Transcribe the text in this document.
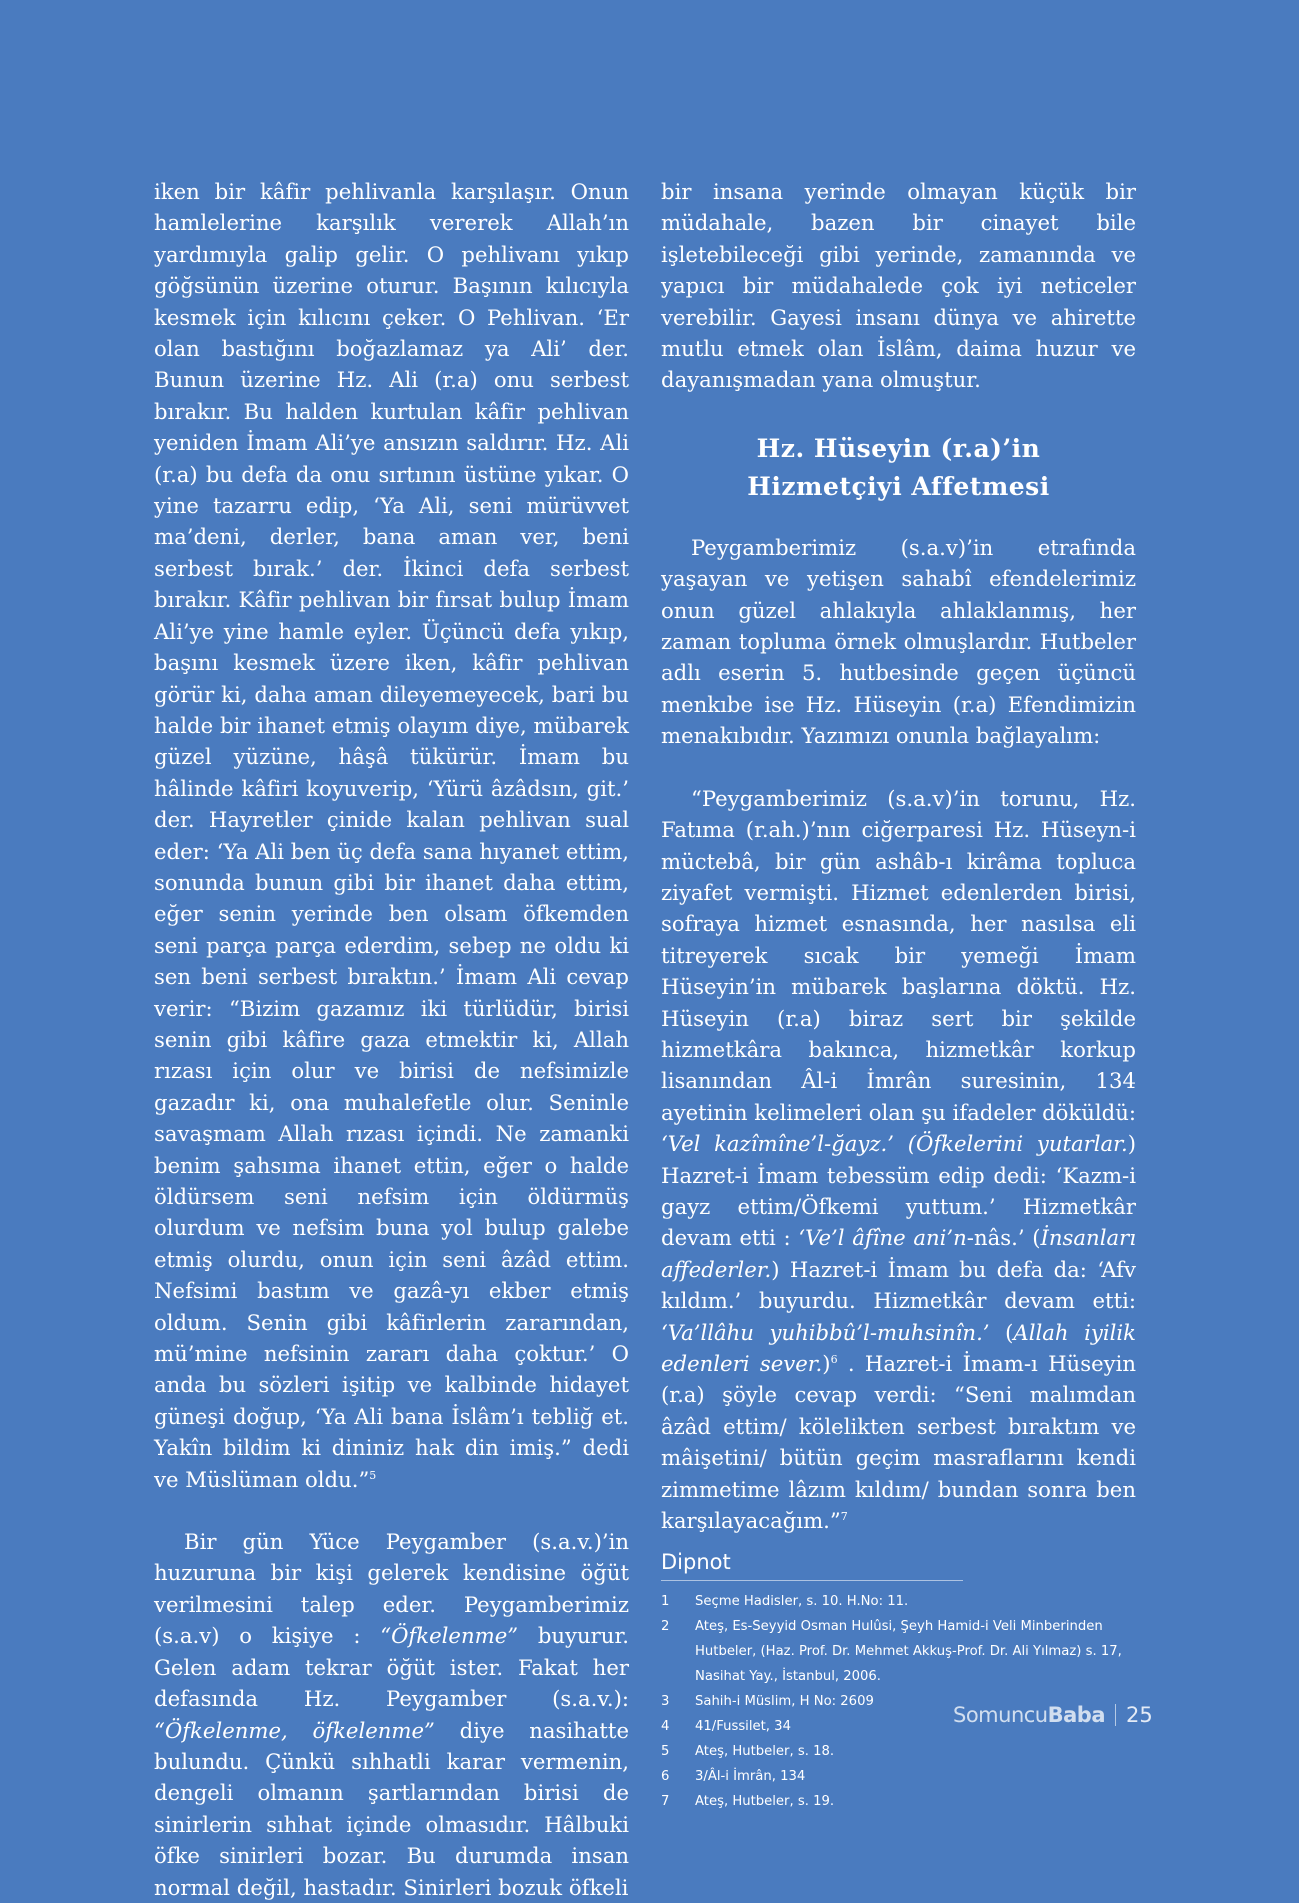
iken bir kâfir pehlivanla karşılaşır. Onun hamlelerine karşılık vererek Allah’ın yardımıyla galip gelir. O pehlivanı yıkıp göğsünün üzerine oturur. Başının kılıcıyla kesmek için kılıcını çeker. O Pehlivan. ‘Er olan bastığını boğazlamaz ya Ali’ der. Bunun üzerine Hz. Ali (r.a) onu serbest bırakır. Bu halden kurtulan kâfir pehlivan yeniden İmam Ali’ye ansızın saldırır. Hz. Ali (r.a) bu defa da onu sırtının üstüne yıkar. O yine tazarru edip, ‘Ya Ali, seni mürüvvet ma’deni, derler, bana aman ver, beni serbest bırak.’ der. İkinci defa serbest bırakır. Kâfir pehlivan bir fırsat bulup İmam Ali’ye yine hamle eyler. Üçüncü defa yıkıp, başını kesmek üzere iken, kâfir pehlivan görür ki, daha aman dileyemeyecek, bari bu halde bir ihanet etmiş olayım diye, mübarek güzel yüzüne, hâşâ tükürür. İmam bu hâlinde kâfiri koyuverip, ‘Yürü âzâdsın, git.’ der. Hayretler çinide kalan pehlivan sual eder: ‘Ya Ali ben üç defa sana hıyanet ettim, sonunda bunun gibi bir ihanet daha ettim, eğer senin yerinde ben olsam öfkemden seni parça parça ederdim, sebep ne oldu ki sen beni serbest bıraktın.’ İmam Ali cevap verir: “Bizim gazamız iki türlüdür, birisi senin gibi kâfire gaza etmektir ki, Allah rızası için olur ve birisi de nefsimizle gazadır ki, ona muhalefetle olur. Seninle savaşmam Allah rızası içindi. Ne zamanki benim şahsıma ihanet ettin, eğer o halde öldürsem seni nefsim için öldürmüş olurdum ve nefsim buna yol bulup galebe etmiş olurdu, onun için seni âzâd ettim. Nefsimi bastım ve gazâ-yı ekber etmiş oldum. Senin gibi kâfirlerin zararından, mü’mine nefsinin zararı daha çoktur.’ O anda bu sözleri işitip ve kalbinde hidayet güneşi doğup, ‘Ya Ali bana İslâm’ı tebliğ et. Yakîn bildim ki dininiz hak din imiş.” dedi ve Müslüman oldu.”$^5$

Bir gün Yüce Peygamber (s.a.v.)’in huzuruna bir kişi gelerek kendisine öğüt verilmesini talep eder. Peygamberimiz (s.a.v) o kişiye : “Öfkelenme” buyurur. Gelen adam tekrar öğüt ister. Fakat her defasında Hz. Peygamber (s.a.v.): “Öfkelenme, öfkelenme” diye nasihatte bulundu. Çünkü sıhhatli karar vermenin, dengeli olmanın şartlarından birisi de sinirlerin sıhhat içinde olmasıdır. Hâlbuki öfke sinirleri bozar. Bu durumda insan normal değil, hastadır. Sinirleri bozuk öfkeli

bir insana yerinde olmayan küçük bir müdahale, bazen bir cinayet bile işletebileceği gibi yerinde, zamanında ve yapıcı bir müdahalede çok iyi neticeler verebilir. Gayesi insanı dünya ve ahirette mutlu etmek olan İslâm, daima huzur ve dayanışmadan yana olmuştur.

Hz. Hüseyin (r.a)’in
Hizmetçiyi Affetmesi

Peygamberimiz (s.a.v)’in etrafında yaşayan ve yetişen sahabî efendelerimiz onun güzel ahlakıyla ahlaklanmış, her zaman topluma örnek olmuşlardır. Hutbeler adlı eserin 5. hutbesinde geçen üçüncü menkıbe ise Hz. Hüseyin (r.a) Efendimizin menakıbıdır. Yazımızı onunla bağlayalım:

“Peygamberimiz (s.a.v)’in torunu, Hz. Fatıma (r.ah.)’nın ciğerparesi Hz. Hüseyn-i müctebâ, bir gün ashâb-ı kirâma topluca ziyafet vermişti. Hizmet edenlerden birisi, sofraya hizmet esnasında, her nasılsa eli titreyerek sıcak bir yemeği İmam Hüseyin’in mübarek başlarına döktü. Hz. Hüseyin (r.a) biraz sert bir şekilde hizmetkâra bakınca, hizmetkâr korkup lisanından Âl-i İmrân suresinin, 134 ayetinin kelimeleri olan şu ifadeler döküldü: ‘Vel kazîmîne’l-ğayz.’ (Öfkelerini yutarlar.) Hazret-i İmam tebessüm edip dedi: ‘Kazm-i gayz ettim/Öfkemi yuttum.’ Hizmetkâr devam etti : ‘Ve’l âfîne ani’n-nâs.’ (İnsanları affederler.) Hazret-i İmam bu defa da: ‘Afv kıldım.’ buyurdu. Hizmetkâr devam etti: ‘Va’llâhu yuhibbû’l-muhsinîn.’ (Allah iyilik edenleri sever.)$^6$ . Hazret-i İmam-ı Hüseyin (r.a) şöyle cevap verdi: “Seni malımdan âzâd ettim/ kölelikten serbest bıraktım ve mâişetini/ bütün geçim masraflarını kendi zimmetime lâzım kıldım/ bundan sonra ben karşılayacağım.”$^7$

Dipnot
1	Seçme Hadisler, s. 10. H.No: 11.
2	Ateş, Es-Seyyid Osman Hulûsi, Şeyh Hamid-i Veli Minberinden Hutbeler, (Haz. Prof. Dr. Mehmet Akkuş-Prof. Dr. Ali Yılmaz) s. 17, Nasihat Yay., İstanbul, 2006.
3	Sahih-i Müslim, H No: 2609
4	41/Fussilet, 34
5	Ateş, Hutbeler, s. 18.
6	3/Âl-i İmrân, 134
7	Ateş, Hutbeler, s. 19.
SomuncuBaba 25
